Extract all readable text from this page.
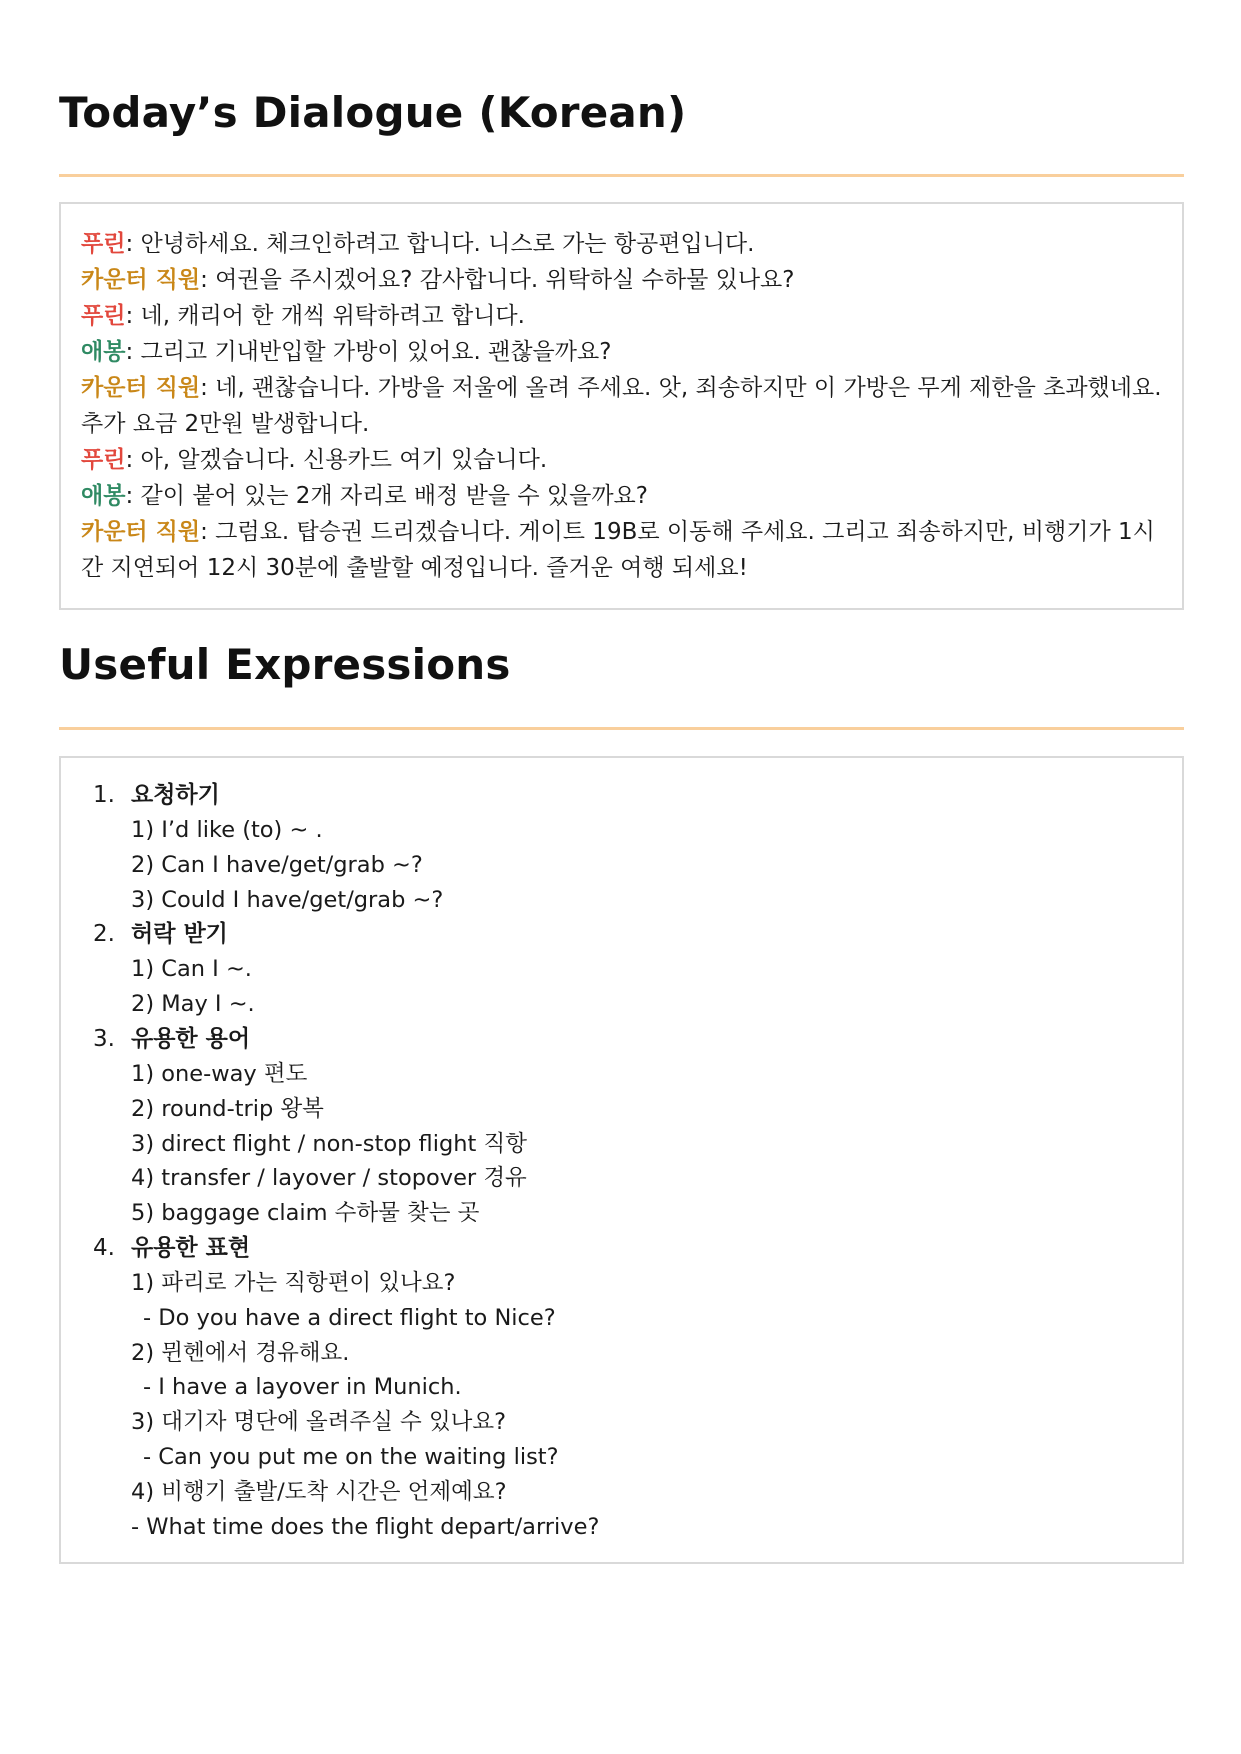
Today’s Dialogue (Korean)
푸린: 안녕하세요. 체크인하려고 합니다. 니스로 가는 항공편입니다.
카운터 직원: 여권을 주시겠어요? 감사합니다. 위탁하실 수하물 있나요?
푸린: 네, 캐리어 한 개씩 위탁하려고 합니다.
애봉: 그리고 기내반입할 가방이 있어요. 괜찮을까요?
카운터 직원: 네, 괜찮습니다. 가방을 저울에 올려 주세요. 앗, 죄송하지만 이 가방은 무게 제한을 초과했네요. 추가 요금 2만원 발생합니다.
푸린: 아, 알겠습니다. 신용카드 여기 있습니다.
애봉: 같이 붙어 있는 2개 자리로 배정 받을 수 있을까요?
카운터 직원: 그럼요. 탑승권 드리겠습니다. 게이트 19B로 이동해 주세요. 그리고 죄송하지만, 비행기가 1시간 지연되어 12시 30분에 출발할 예정입니다. 즐거운 여행 되세요!
Useful Expressions
1. 요청하기
1) I’d like (to) ~ .
2) Can I have/get/grab ~?
3) Could I have/get/grab ~?
2. 허락 받기
1) Can I ~.
2) May I ~.
3. 유용한 용어
1) one-way 편도
2) round-trip 왕복
3) direct flight / non-stop flight 직항
4) transfer / layover / stopover 경유
5) baggage claim 수하물 찾는 곳
4. 유용한 표현
1) 파리로 가는 직항편이 있나요?
- Do you have a direct flight to Nice?
2) 뮌헨에서 경유해요.
- I have a layover in Munich.
3) 대기자 명단에 올려주실 수 있나요?
- Can you put me on the waiting list?
4) 비행기 출발/도착 시간은 언제예요?
- What time does the flight depart/arrive?
